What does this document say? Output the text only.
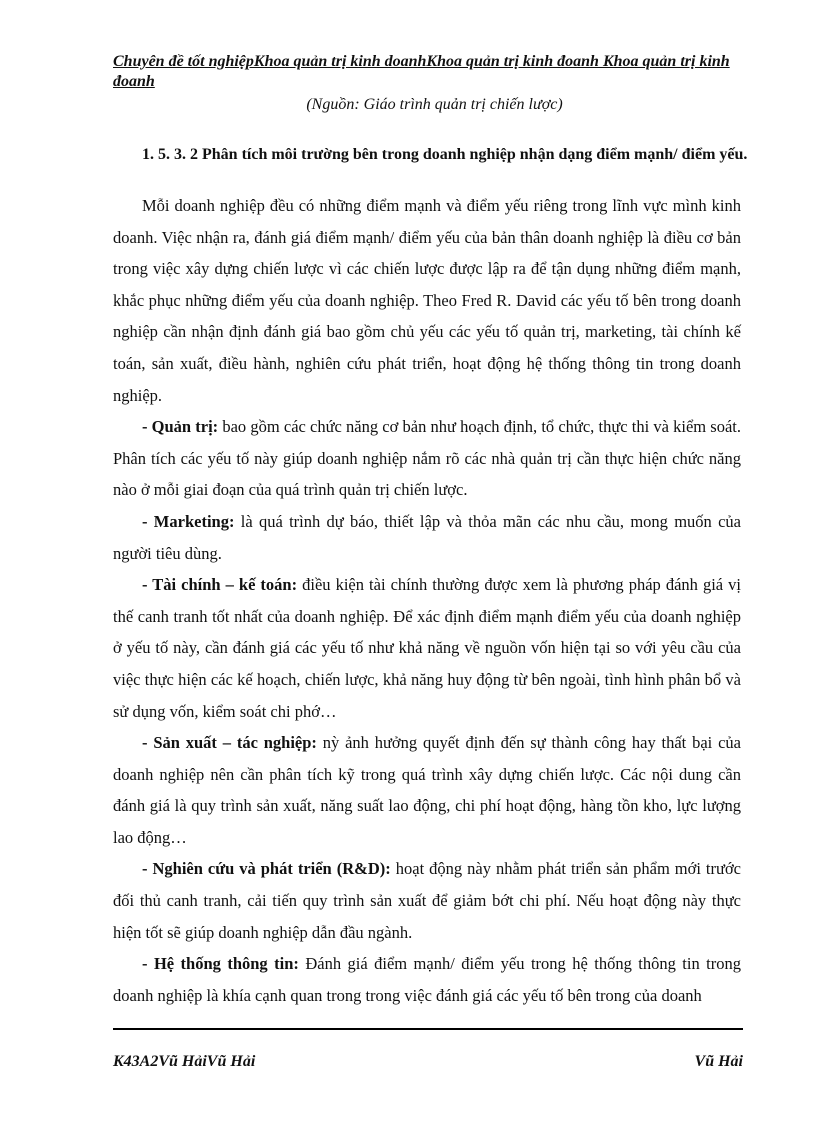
Chuyên đề tốt nghiệpKhoa quản trị kinh doanhKhoa quản trị kinh đoanh Khoa quản trị kinh đoanh
(Nguồn: Giáo trình quản trị chiến lược)
1. 5. 3. 2 Phân tích môi trường bên trong doanh nghiệp nhận dạng điểm mạnh/ điểm yếu.

Mỗi doanh nghiệp đều có những điểm mạnh và điểm yếu riêng trong lĩnh vực mình kinh doanh. Việc nhận ra, đánh giá điểm mạnh/ điểm yếu của bản thân doanh nghiệp là điều cơ bản trong việc xây dựng chiến lược vì các chiến lược được lập ra để tận dụng những điểm mạnh, khắc phục những điểm yếu của doanh nghiệp. Theo Fred R. David các yếu tố bên trong doanh nghiệp cần nhận định đánh giá bao gồm chủ yếu các yếu tố quản trị, marketing, tài chính kế toán, sản xuất, điều hành, nghiên cứu phát triển, hoạt động hệ thống thông tin trong doanh nghiệp.

- Quản trị: bao gồm các chức năng cơ bản như hoạch định, tổ chức, thực thi và kiểm soát. Phân tích các yếu tố này giúp doanh nghiệp nắm rõ các nhà quản trị cần thực hiện chức năng nào ở mỗi giai đoạn của quá trình quản trị chiến lược.

- Marketing: là quá trình dự báo, thiết lập và thỏa mãn các nhu cầu, mong muốn của người tiêu dùng.

- Tài chính – kế toán: điều kiện tài chính thường được xem là phương pháp đánh giá vị thế canh tranh tốt nhất của doanh nghiệp. Để xác định điểm mạnh điểm yếu của doanh nghiệp ở yếu tố này, cần đánh giá các yếu tố như khả năng về nguồn vốn hiện tại so với yêu cầu của việc thực hiện các kế hoạch, chiến lược, khả năng huy động từ bên ngoài, tình hình phân bổ và sử dụng vốn, kiểm soát chi phớ…

- Sản xuất – tác nghiệp: nỳ ảnh hưởng quyết định đến sự thành công hay thất bại của doanh nghiệp nên cần phân tích kỹ trong quá trình xây dựng chiến lược. Các nội dung cần đánh giá là quy trình sản xuất, năng suất lao động, chi phí hoạt động, hàng tồn kho, lực lượng lao động…

- Nghiên cứu và phát triển (R&D): hoạt động này nhằm phát triển sản phẩm mới trước đối thủ canh tranh, cải tiến quy trình sản xuất để giảm bớt chi phí. Nếu hoạt động này thực hiện tốt sẽ giúp doanh nghiệp dẫn đầu ngành.

- Hệ thống thông tin: Đánh giá điểm mạnh/ điểm yếu trong hệ thống thông tin trong doanh nghiệp là khía cạnh quan trong trong việc đánh giá các yếu tố bên trong của doanh

K43A2Vũ HảiVũ Hải	Vũ Hải
